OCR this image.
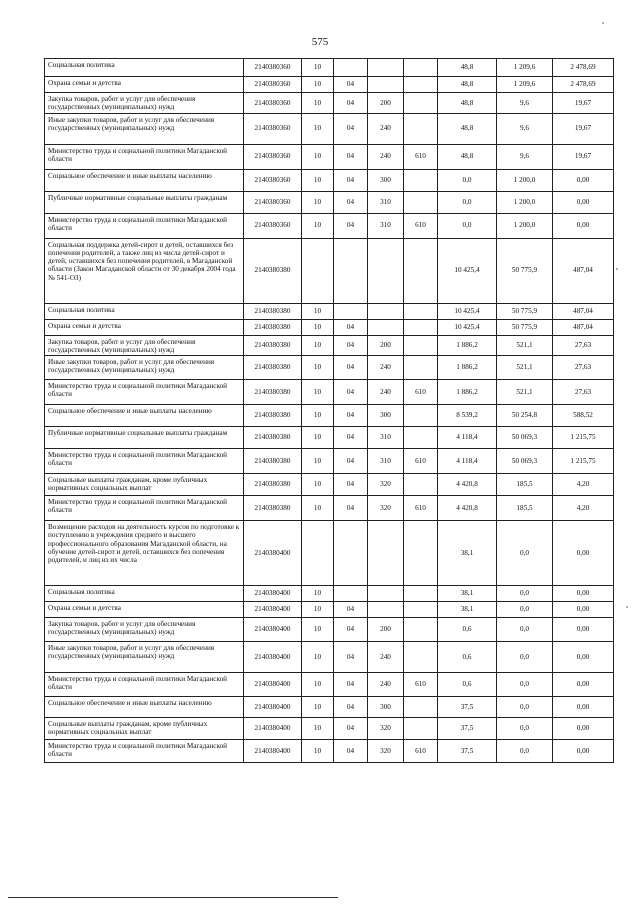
575
Социальная политика	2140380360	10				48,8	1 209,6	2 478,69
Охрана семьи и детства	2140380360	10	04			48,8	1 209,6	2 478,69
Закупка товаров, работ и услуг для обеспечения государственных (муниципальных) нужд	2140380360	10	04	200		48,8	9,6	19,67
Иные закупки товаров, работ и услуг для обеспечения государственных (муниципальных) нужд	2140380360	10	04	240		48,8	9,6	19,67
Министерство труда и социальной политики Магаданской области	2140380360	10	04	240	610	48,8	9,6	19,67
Социальное обеспечение и иные выплаты населению	2140380360	10	04	300		0,0	1 200,0	0,00
Публичные нормативные социальные выплаты гражданам	2140380360	10	04	310		0,0	1 200,0	0,00
Министерство труда и социальной политики Магаданской области	2140380360	10	04	310	610	0,0	1 200,0	0,00
Социальная поддержка детей-сирот и детей, оставшихся без попечения родителей, а также лиц из числа детей-сирот и детей, оставшихся без попечения родителей, в Магаданской области (Закон Магаданской области от 30 декабря 2004 года № 541-ОЗ)	2140380380					10 425,4	50 775,9	487,04
Социальная политика	2140380380	10				10 425,4	50 775,9	487,04
Охрана семьи и детства	2140380380	10	04			10 425,4	50 775,9	487,04
Закупка товаров, работ и услуг для обеспечения государственных (муниципальных) нужд	2140380380	10	04	200		1 886,2	521,1	27,63
Иные закупки товаров, работ и услуг для обеспечения государственных (муниципальных) нужд	2140380380	10	04	240		1 886,2	521,1	27,63
Министерство труда и социальной политики Магаданской области	2140380380	10	04	240	610	1 886,2	521,1	27,63
Социальное обеспечение и иные выплаты населению	2140380380	10	04	300		8 539,2	50 254,8	588,52
Публичные нормативные социальные выплаты гражданам	2140380380	10	04	310		4 118,4	50 069,3	1 215,75
Министерство труда и социальной политики Магаданской области	2140380380	10	04	310	610	4 118,4	50 069,3	1 215,75
Социальные выплаты гражданам, кроме публичных нормативных социальных выплат	2140380380	10	04	320		4 420,8	185,5	4,20
Министерство труда и социальной политики Магаданской области	2140380380	10	04	320	610	4 420,8	185,5	4,20
Возмещение расходов на деятельность курсов по подготовке к поступлению в учреждения среднего и высшего профессионального образования Магаданской области, на обучение детей-сирот и детей, оставшихся без попечения родителей, и лиц из их числа	2140380400					38,1	0,0	0,00
Социальная политика	2140380400	10				38,1	0,0	0,00
Охрана семьи и детства	2140380400	10	04			38,1	0,0	0,00
Закупка товаров, работ и услуг для обеспечения государственных (муниципальных) нужд	2140380400	10	04	200		0,6	0,0	0,00
Иные закупки товаров, работ и услуг для обеспечения государственных (муниципальных) нужд	2140380400	10	04	240		0,6	0,0	0,00
Министерство труда и социальной политики Магаданской области	2140380400	10	04	240	610	0,6	0,0	0,00
Социальное обеспечение и иные выплаты населению	2140380400	10	04	300		37,5	0,0	0,00
Социальные выплаты гражданам, кроме публичных нормативных социальных выплат	2140380400	10	04	320		37,5	0,0	0,00
Министерство труда и социальной политики Магаданской области	2140380400	10	04	320	610	37,5	0,0	0,00
